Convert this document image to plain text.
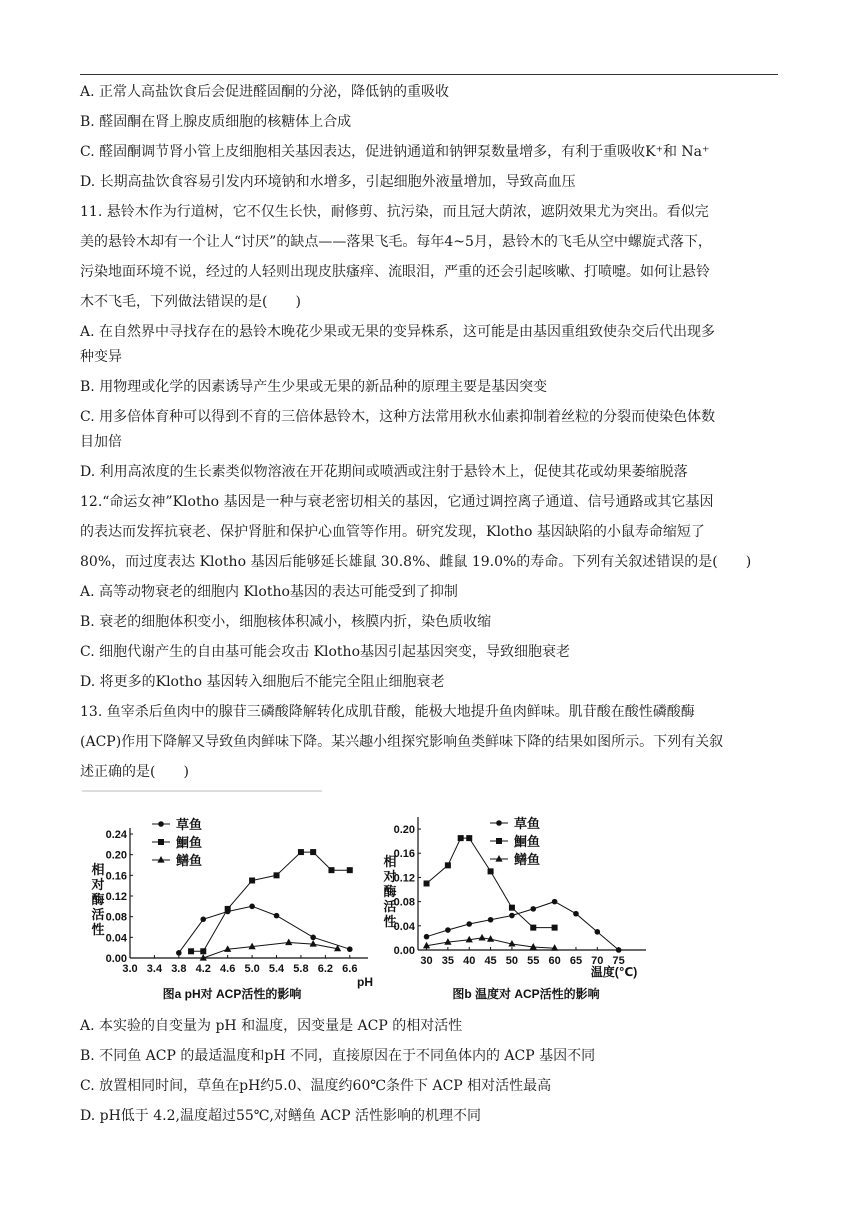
A. 正常人高盐饮食后会促进醛固酮的分泌，降低钠的重吸收
B. 醛固酮在肾上腺皮质细胞的核糖体上合成
C. 醛固酮调节肾小管上皮细胞相关基因表达，促进钠通道和钠钾泵数量增多，有利于重吸收K⁺和 Na⁺
D. 长期高盐饮食容易引发内环境钠和水增多，引起细胞外液量增加，导致高血压
11. 悬铃木作为行道树，它不仅生长快，耐修剪、抗污染，而且冠大荫浓，遮阴效果尤为突出。看似完
美的悬铃木却有一个让人“讨厌”的缺点——落果飞毛。每年4~5月，悬铃木的飞毛从空中螺旋式落下，
污染地面环境不说，经过的人轻则出现皮肤瘙痒、流眼泪，严重的还会引起咳嗽、打喷嚏。如何让悬铃
木不飞毛，下列做法错误的是(　　)
A. 在自然界中寻找存在的悬铃木晚花少果或无果的变异株系，这可能是由基因重组致使杂交后代出现多
种变异
B. 用物理或化学的因素诱导产生少果或无果的新品种的原理主要是基因突变
C. 用多倍体育种可以得到不育的三倍体悬铃木，这种方法常用秋水仙素抑制着丝粒的分裂而使染色体数
目加倍
D. 利用高浓度的生长素类似物溶液在开花期间或喷洒或注射于悬铃木上，促使其花或幼果萎缩脱落
12.“命运女神”Klotho 基因是一种与衰老密切相关的基因，它通过调控离子通道、信号通路或其它基因
的表达而发挥抗衰老、保护肾脏和保护心血管等作用。研究发现，Klotho 基因缺陷的小鼠寿命缩短了
80%，而过度表达 Klotho 基因后能够延长雄鼠 30.8%、雌鼠 19.0%的寿命。下列有关叙述错误的是(　　)
A. 高等动物衰老的细胞内 Klotho基因的表达可能受到了抑制
B. 衰老的细胞体积变小，细胞核体积减小，核膜内折，染色质收缩
C. 细胞代谢产生的自由基可能会攻击 Klotho基因引起基因突变，导致细胞衰老
D. 将更多的Klotho 基因转入细胞后不能完全阻止细胞衰老
13. 鱼宰杀后鱼肉中的腺苷三磷酸降解转化成肌苷酸，能极大地提升鱼肉鲜味。肌苷酸在酸性磷酸酶
(ACP)作用下降解又导致鱼肉鲜味下降。某兴趣小组探究影响鱼类鲜味下降的结果如图所示。下列有关叙
述正确的是(　　)
0.00
0.04
0.08
0.12
0.16
0.20
0.24
3.0 3.4 3.8 4.2 4.6 5.0 5.4 5.8 6.2 6.6
相
对
酶
活
性
pH
草鱼
鮰鱼
鳝鱼
图a pH对 ACP活性的影响
0.00
0.04
0.08
0.12
0.16
0.20
30 35 40 45 50 55 60 65 70 75
相
对
酶
活
性
温度(℃)
草鱼
鮰鱼
鳝鱼
图b 温度对 ACP活性的影响
A. 本实验的自变量为 pH 和温度，因变量是 ACP 的相对活性
B. 不同鱼 ACP 的最适温度和pH 不同，直接原因在于不同鱼体内的 ACP 基因不同
C. 放置相同时间，草鱼在pH约5.0、温度约60℃条件下 ACP 相对活性最高
D. pH低于 4.2,温度超过55℃,对鳝鱼 ACP 活性影响的机理不同
